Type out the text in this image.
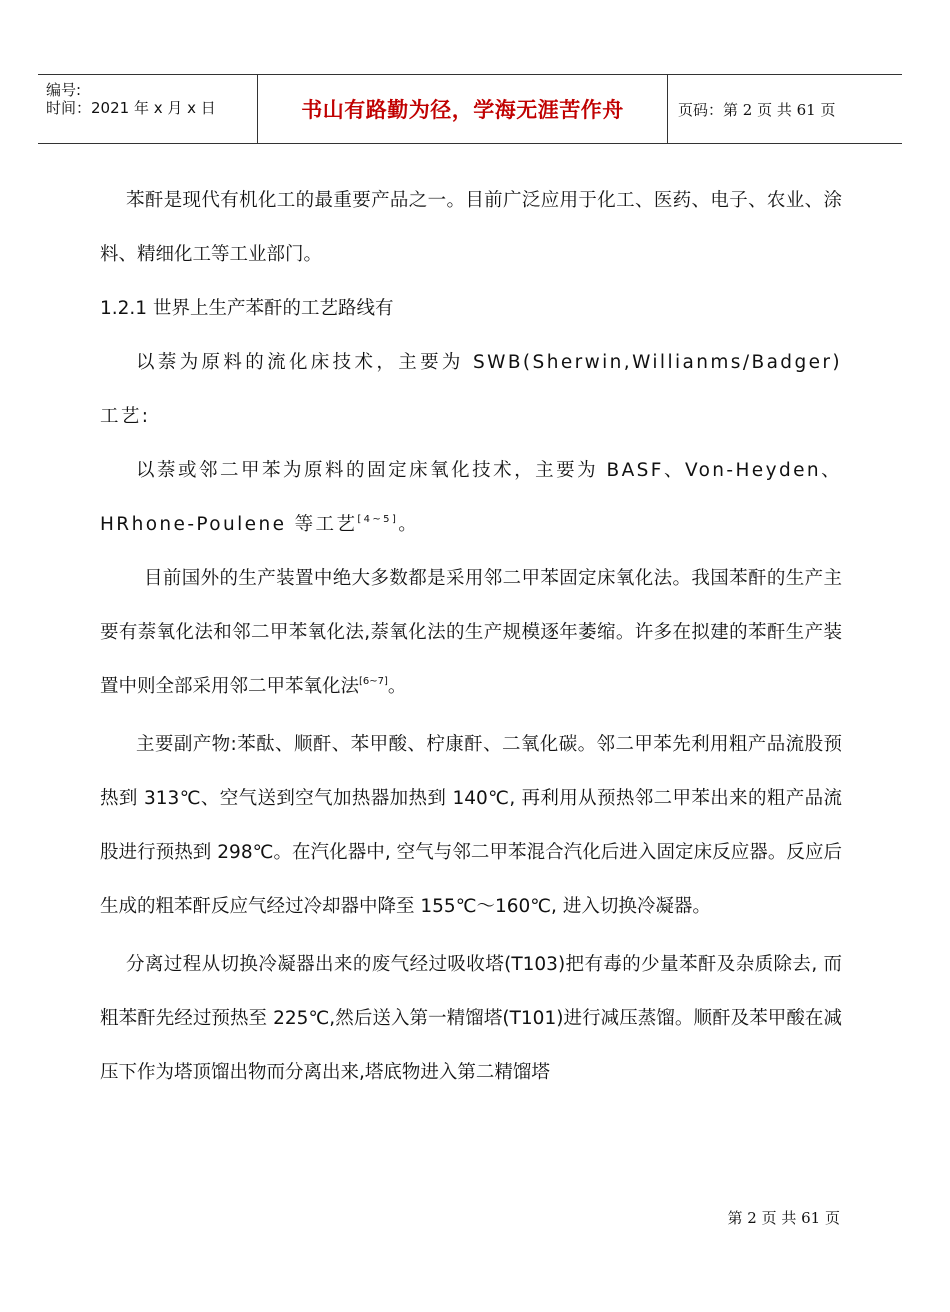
编号:
时间：2021 年 x 月 x 日	书山有路勤为径，学海无涯苦作舟	页码：第 2 页 共 61 页

苯酐是现代有机化工的最重要产品之一。目前广泛应用于化工、医药、电子、农业、涂料、精细化工等工业部门。

1.2.1 世界上生产苯酐的工艺路线有

以萘为原料的流化床技术，主要为 SWB(Sherwin,Willianms/Badger) 工艺:

以萘或邻二甲苯为原料的固定床氧化技术，主要为 BASF、Von-Heyden、HRhone-Poulene 等工艺[4~5]。

目前国外的生产装置中绝大多数都是采用邻二甲苯固定床氧化法。我国苯酐的生产主要有萘氧化法和邻二甲苯氧化法,萘氧化法的生产规模逐年萎缩。许多在拟建的苯酐生产装置中则全部采用邻二甲苯氧化法[6~7]。

主要副产物:苯酞、顺酐、苯甲酸、柠康酐、二氧化碳。邻二甲苯先利用粗产品流股预热到 313℃、空气送到空气加热器加热到 140℃, 再利用从预热邻二甲苯出来的粗产品流股进行预热到 298℃。在汽化器中, 空气与邻二甲苯混合汽化后进入固定床反应器。反应后生成的粗苯酐反应气经过冷却器中降至 155℃～160℃, 进入切换冷凝器。

分离过程从切换冷凝器出来的废气经过吸收塔(T103)把有毒的少量苯酐及杂质除去, 而粗苯酐先经过预热至 225℃,然后送入第一精馏塔(T101)进行减压蒸馏。顺酐及苯甲酸在减压下作为塔顶馏出物而分离出来,塔底物进入第二精馏塔

第 2 页 共 61 页
